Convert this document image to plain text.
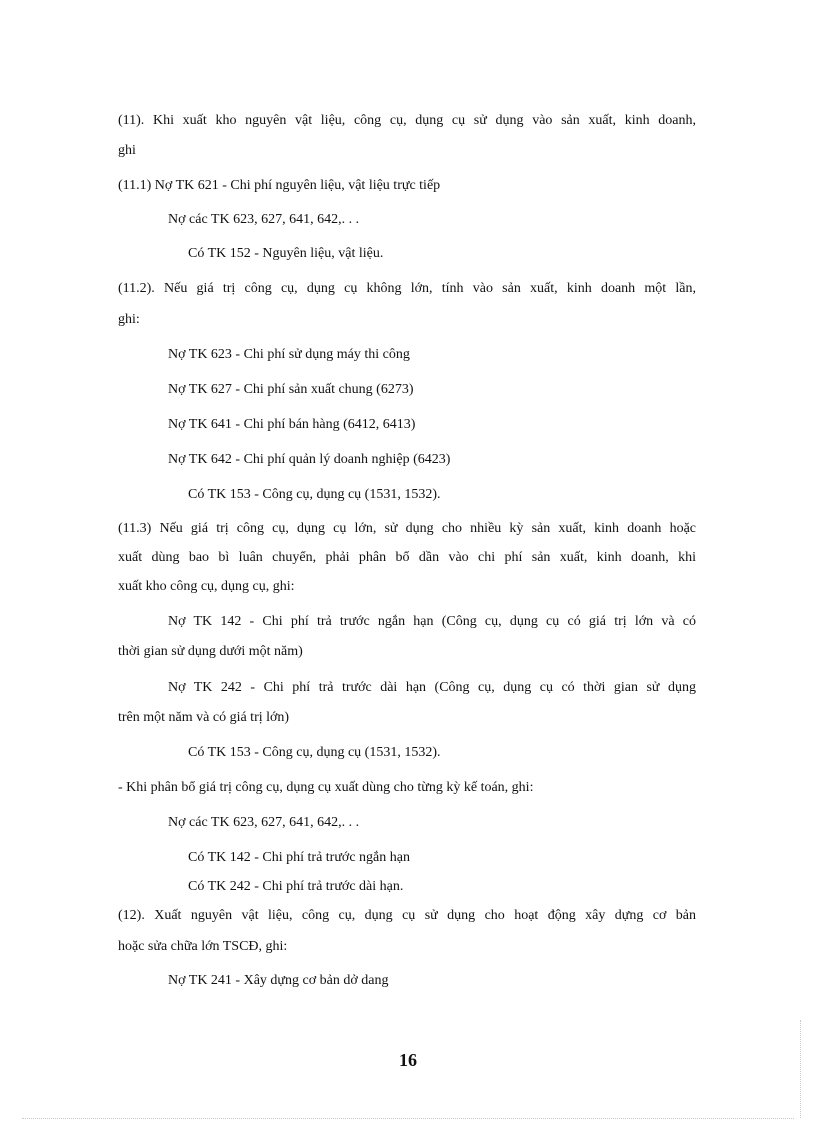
(11). Khi xuất kho nguyên vật liệu, công cụ, dụng cụ sử dụng vào sản xuất, kinh doanh,
ghi
(11.1) Nợ TK 621 - Chi phí nguyên liệu, vật liệu trực tiếp
Nợ các TK 623, 627, 641, 642,. . .
Có TK 152 - Nguyên liệu, vật liệu.
(11.2). Nếu giá trị công cụ, dụng cụ không lớn, tính vào sản xuất, kinh doanh một lần,
ghi:
Nợ TK 623 - Chi phí sử dụng máy thi công
Nợ TK 627 - Chi phí sản xuất chung (6273)
Nợ TK 641 - Chi phí bán hàng (6412, 6413)
Nợ TK 642 - Chi phí quản lý doanh nghiệp (6423)
Có TK 153 - Công cụ, dụng cụ (1531, 1532).
(11.3) Nếu giá trị công cụ, dụng cụ lớn, sử dụng cho nhiều kỳ sản xuất, kinh doanh hoặc
xuất dùng bao bì luân chuyển, phải phân bổ dần vào chi phí sản xuất, kinh doanh, khi
xuất kho công cụ, dụng cụ, ghi:
Nợ TK 142 - Chi phí trả trước ngắn hạn (Công cụ, dụng cụ có giá trị lớn và có
thời gian sử dụng dưới một năm)
Nợ TK 242 - Chi phí trả trước dài hạn (Công cụ, dụng cụ có thời gian sử dụng
trên một năm và có giá trị lớn)
Có TK 153 - Công cụ, dụng cụ (1531, 1532).
- Khi phân bổ giá trị công cụ, dụng cụ xuất dùng cho từng kỳ kế toán, ghi:
Nợ các TK 623, 627, 641, 642,. . .
Có TK 142 - Chi phí trả trước ngắn hạn
Có TK 242 - Chi phí trả trước dài hạn.
(12). Xuất nguyên vật liệu, công cụ, dụng cụ sử dụng cho hoạt động xây dựng cơ bản
hoặc sửa chữa lớn TSCĐ, ghi:
Nợ TK 241 - Xây dựng cơ bản dở dang
16
